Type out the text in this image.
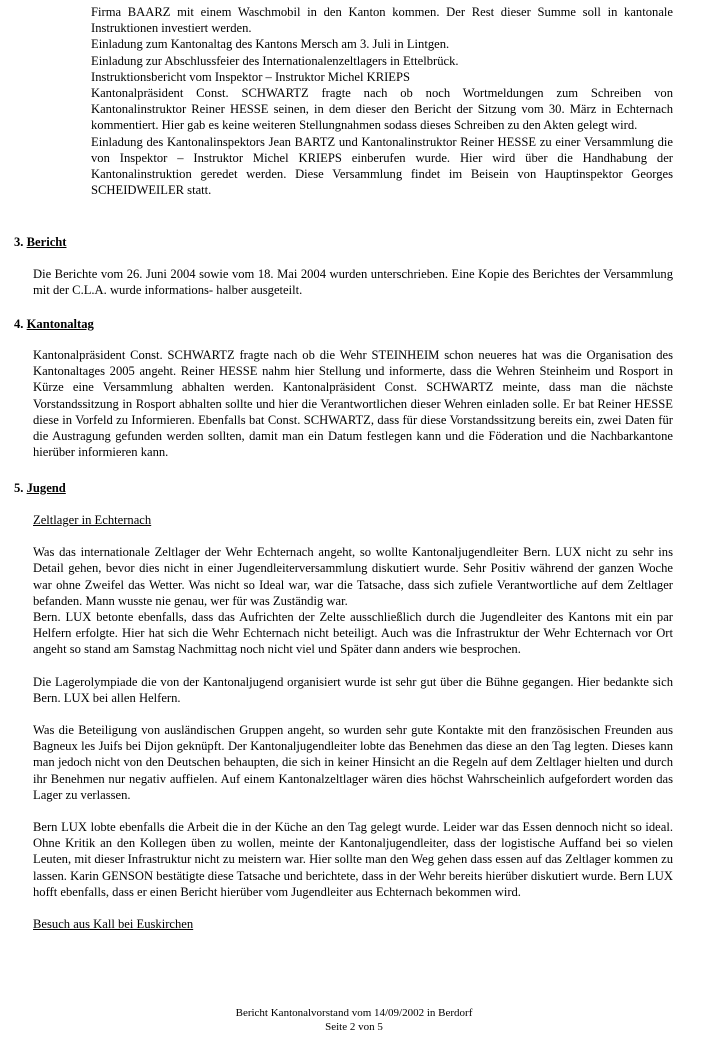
Firma BAARZ mit einem Waschmobil in den Kanton kommen. Der Rest dieser Summe soll in kantonale Instruktionen investiert werden.

Einladung zum Kantonaltag des Kantons Mersch am 3. Juli in Lintgen.

Einladung zur Abschlussfeier des Internationalenzeltlagers in Ettelbrück.

Instruktionsbericht vom Inspektor – Instruktor Michel KRIEPS

Kantonalpräsident Const. SCHWARTZ fragte nach ob noch Wortmeldungen zum Schreiben von Kantonalinstruktor Reiner HESSE seinen, in dem dieser den Bericht der Sitzung vom 30. März in Echternach kommentiert. Hier gab es keine weiteren Stellungnahmen sodass dieses Schreiben zu den Akten gelegt wird.

Einladung des Kantonalinspektors Jean BARTZ und Kantonalinstruktor Reiner HESSE zu einer Versammlung die von Inspektor – Instruktor Michel KRIEPS einberufen wurde. Hier wird über die Handhabung der Kantonalinstruktion geredet werden. Diese Versammlung findet im Beisein von Hauptinspektor Georges SCHEIDWEILER statt.

3. Bericht

Die Berichte vom 26. Juni 2004 sowie vom 18. Mai 2004 wurden unterschrieben. Eine Kopie des Berichtes der Versammlung mit der C.L.A. wurde informations- halber ausgeteilt.

4. Kantonaltag

Kantonalpräsident Const. SCHWARTZ fragte nach ob die Wehr STEINHEIM schon neueres hat was die Organisation des Kantonaltages 2005 angeht. Reiner HESSE nahm hier Stellung und informerte, dass die Wehren Steinheim und Rosport in Kürze eine Versammlung abhalten werden. Kantonalpräsident Const. SCHWARTZ meinte, dass man die nächste Vorstandssitzung in Rosport abhalten sollte und hier die Verantwortlichen dieser Wehren einladen solle. Er bat Reiner HESSE diese in Vorfeld zu Informieren. Ebenfalls bat Const. SCHWARTZ, dass für diese Vorstandssitzung bereits ein, zwei Daten für die Austragung gefunden werden sollten, damit man ein Datum festlegen kann und die Föderation und die Nachbarkantone hierüber informieren kann.

5. Jugend

Zeltlager in Echternach

Was das internationale Zeltlager der Wehr Echternach angeht, so wollte Kantonaljugendleiter Bern. LUX nicht zu sehr ins Detail gehen, bevor dies nicht in einer Jugendleiterversammlung diskutiert wurde. Sehr Positiv während der ganzen Woche war ohne Zweifel das Wetter. Was nicht so Ideal war, war die Tatsache, dass sich zufiele Verantwortliche auf dem Zeltlager befanden. Mann wusste nie genau, wer für was Zuständig war.

Bern. LUX betonte ebenfalls, dass das Aufrichten der Zelte ausschließlich durch die Jugendleiter des Kantons mit ein par Helfern erfolgte. Hier hat sich die Wehr Echternach nicht beteiligt. Auch was die Infrastruktur der Wehr Echternach vor Ort angeht so stand am Samstag Nachmittag noch nicht viel und Später dann anders wie besprochen.

Die Lagerolympiade die von der Kantonaljugend organisiert wurde ist sehr gut über die Bühne gegangen. Hier bedankte sich Bern. LUX bei allen Helfern.

Was die Beteiligung von ausländischen Gruppen angeht, so wurden sehr gute Kontakte mit den französischen Freunden aus Bagneux les Juifs bei Dijon geknüpft. Der Kantonaljugendleiter lobte das Benehmen das diese an den Tag legten. Dieses kann man jedoch nicht von den Deutschen behaupten, die sich in keiner Hinsicht an die Regeln auf dem Zeltlager hielten und durch ihr Benehmen nur negativ auffielen. Auf einem Kantonalzeltlager wären dies höchst Wahrscheinlich aufgefordert worden das Lager zu verlassen.

Bern LUX lobte ebenfalls die Arbeit die in der Küche an den Tag gelegt wurde. Leider war das Essen dennoch nicht so ideal. Ohne Kritik an den Kollegen üben zu wollen, meinte der Kantonaljugendleiter, dass der logistische Auffand bei so vielen Leuten, mit dieser Infrastruktur nicht zu meistern war. Hier sollte man den Weg gehen dass essen auf das Zeltlager kommen zu lassen. Karin GENSON bestätigte diese Tatsache und berichtete, dass in der Wehr bereits hierüber diskutiert wurde. Bern LUX hofft ebenfalls, dass er einen Bericht hierüber vom Jugendleiter aus Echternach bekommen wird.

Besuch aus Kall bei Euskirchen

Bericht Kantonalvorstand vom 14/09/2002 in Berdorf
Seite 2 von 5
